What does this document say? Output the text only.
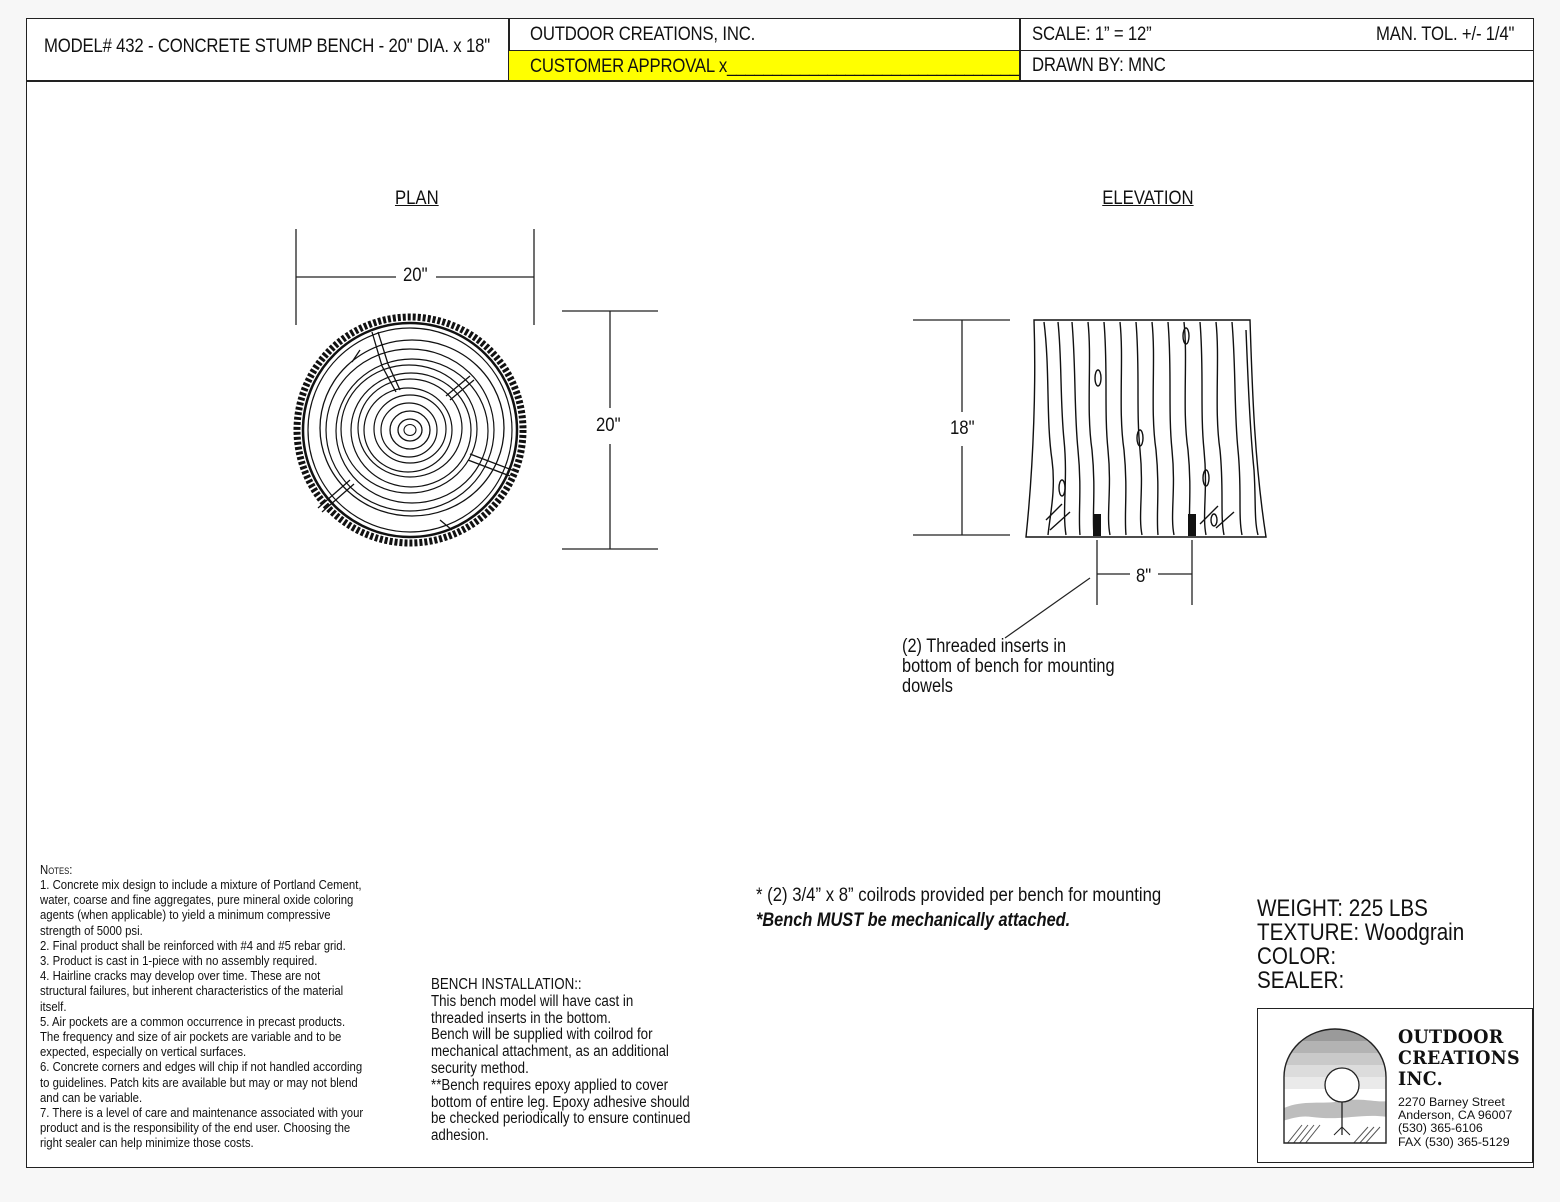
MODEL# 432 - CONCRETE STUMP BENCH - 20" DIA. x 18"
OUTDOOR CREATIONS, INC.
CUSTOMER APPROVAL x________________________________
SCALE: 1” = 12”	MAN. TOL. +/- 1/4"
DRAWN BY: MNC
PLAN
20"
20"
ELEVATION
18"
8"
(2) Threaded inserts in
bottom of bench for mounting
dowels
Notes:
1. Concrete mix design to include a mixture of Portland Cement,
water, coarse and fine aggregates, pure mineral oxide coloring
agents (when applicable) to yield a minimum compressive
strength of 5000 psi.
2. Final product shall be reinforced with #4 and #5 rebar grid.
3. Product is cast in 1-piece with no assembly required.
4. Hairline cracks may develop over time. These are not
structural failures, but inherent characteristics of the material
itself.
5. Air pockets are a common occurrence in precast products.
The frequency and size of air pockets are variable and to be
expected, especially on vertical surfaces.
6. Concrete corners and edges will chip if not handled according
to guidelines. Patch kits are available but may or may not blend
and can be variable.
7. There is a level of care and maintenance associated with your
product and is the responsibility of the end user. Choosing the
right sealer can help minimize those costs.
BENCH INSTALLATION::
This bench model will have cast in
threaded inserts in the bottom.
Bench will be supplied with coilrod for
mechanical attachment, as an additional
security method.
**Bench requires epoxy applied to cover
bottom of entire leg. Epoxy adhesive should
be checked periodically to ensure continued
adhesion.
* (2) 3/4” x 8” coilrods provided per bench for mounting
*Bench MUST be mechanically attached.	WEIGHT: 225 LBS
TEXTURE: Woodgrain
COLOR:
SEALER:
OUTDOOR
CREATIONS
INC.
2270 Barney Street
Anderson, CA 96007
(530) 365-6106
FAX (530) 365-5129
